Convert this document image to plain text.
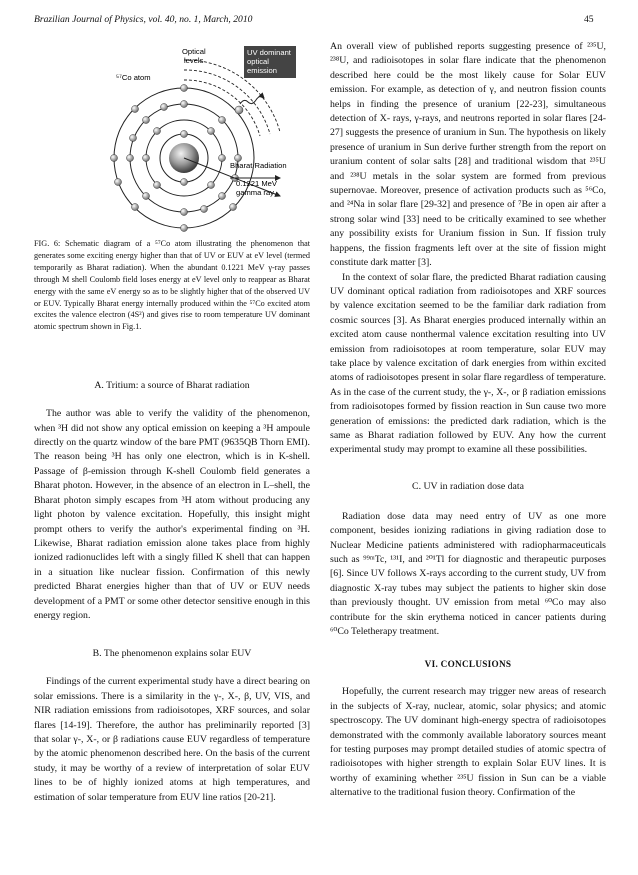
Brazilian Journal of Physics, vol. 40, no. 1, March, 2010	45
⁵⁷Co atom
Optical
levels
UV dominant
optical
emission
Bharat Radiation
0.1221 MeV
gamma ray
FIG. 6: Schematic diagram of a ⁵⁷Co atom illustrating the phenomenon that generates some exciting energy higher than that of UV or EUV at eV level (termed temporarily as Bharat radiation). When the abundant 0.1221 MeV γ-ray passes through M shell Coulomb field loses energy at eV level only to reappear as Bharat energy with the same eV energy so as to be slightly higher that of the observed UV or EUV. Typically Bharat energy internally produced within the ⁵⁷Co excited atom excites the valence electron (4S²) and gives rise to room temperature UV dominant atomic spectrum shown in Fig.1.

A. Tritium: a source of Bharat radiation

The author was able to verify the validity of the phenomenon, when ³H did not show any optical emission on keeping a ³H ampoule directly on the quartz window of the bare PMT (9635QB Thorn EMI). The reason being ³H has only one electron, which is in K-shell. Passage of β-emission through K-shell Coulomb field generates a Bharat photon. However, in the absence of an electron in L–shell, the Bharat photon simply escapes from ³H atom without producing any light photon by valence excitation. Hopefully, this insight might prompt others to verify the author's experimental finding on ³H. Likewise, Bharat radiation emission alone takes place from highly ionized radionuclides left with a singly filled K shell that can happen in a situation like nuclear fission. Confirmation of this newly predicted Bharat energies higher than that of UV or EUV needs development of a PMT or some other detector sensitive enough in this energy region.

B. The phenomenon explains solar EUV

Findings of the current experimental study have a direct bearing on solar emissions. There is a similarity in the γ-, X-, β, UV, VIS, and NIR radiation emissions from radioisotopes, XRF sources, and solar flares [14-19]. Therefore, the author has preliminarily reported [3] that solar γ-, X-, or β radiations cause EUV regardless of temperature by the atomic phenomenon described here. On the basis of the current study, it may be worthy of a review of interpretation of solar EUV lines to be of highly ionized atoms at high temperatures, and estimation of solar temperature from EUV line ratios [20-21].

An overall view of published reports suggesting presence of ²³⁵U, ²³⁸U, and radioisotopes in solar flare indicate that the phenomenon described here could be the most likely cause for Solar EUV emission. For example, as detection of γ, and neutron fission counts helps in finding the presence of uranium [22-23], simultaneous detection of X- rays, γ-rays, and neutrons reported in solar flares [24-27] suggests the presence of uranium in Sun. The hypothesis on likely presence of uranium in Sun derive further strength from the report on uranium content of solar salts [28] and traditional wisdom that ²³⁵U and ²³⁸U metals in the solar system are formed from previous supernovae. Moreover, presence of activation products such as ⁵⁶Co, and ²⁴Na in solar flare [29-32] and presence of ⁷Be in open air after a strong solar wind [33] need to be critically examined to see whether any possibility exists for Uranium fission in Sun. If fission truly happens, the fission fragments left over at the site of fission might constitute dark matter [3].

In the context of solar flare, the predicted Bharat radiation causing UV dominant optical radiation from radioisotopes and XRF sources by valence excitation seemed to be the familiar dark radiation from cosmic sources [3]. As Bharat energies produced internally within an excited atom cause nonthermal valence excitation resulting into UV emission from radioisotopes at room temperature, solar EUV may take place by valence excitation of dark energies from within excited atoms of radioisotopes present in solar flare regardless of temperature. As in the case of the current study, the γ-, X-, or β radiation emissions from radioisotopes formed by fission reaction in Sun cause two more generation of emissions: the predicted dark radiation, which is the same as Bharat radiation followed by EUV. Any how the current experimental study may prompt to examine all these possibilities.

C. UV in radiation dose data

Radiation dose data may need entry of UV as one more component, besides ionizing radiations in giving radiation dose to Nuclear Medicine patients administered with radiopharmaceuticals such as ⁹⁹ᵐTc, ¹³¹I, and ²⁰¹Tl for diagnostic and therapeutic purposes [6]. Since UV follows X-rays according to the current study, UV from diagnostic X-ray tubes may subject the patients to higher skin dose than previously thought. UV emission from metal ⁶⁰Co may also contribute for the skin erythema noticed in cancer patients during ⁶⁰Co Teletherapy treatment.

VI. CONCLUSIONS

Hopefully, the current research may trigger new areas of research in the subjects of X-ray, nuclear, atomic, solar physics; and atomic spectroscopy. The UV dominant high-energy spectra of radioisotopes demonstrated with the commonly available laboratory sources meant for testing purposes may prompt detailed studies of atomic spectra of radioisotopes with higher strength to explain Solar EUV lines. It is worthy of examining whether ²³⁵U fission in Sun can be a viable alternative to the traditional fusion theory. Confirmation of the
